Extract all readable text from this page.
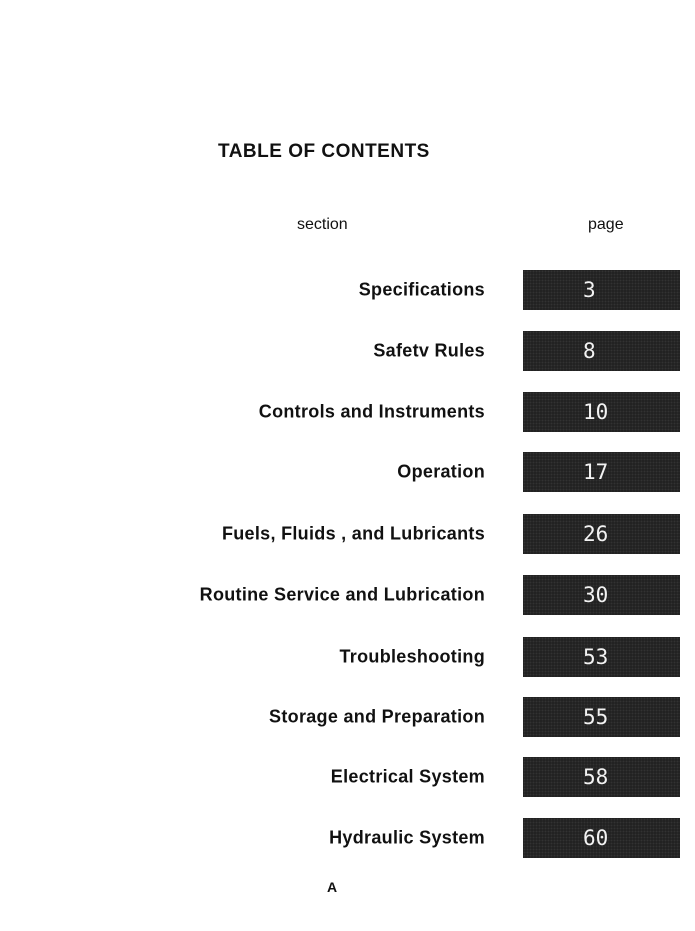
TABLE OF CONTENTS
section	page
Specifications	3
Safetv Rules	8
Controls and Instruments	10
Operation	17
Fuels, Fluids , and Lubricants	26
Routine Service and Lubrication	30
Troubleshooting	53
Storage and Preparation	55
Electrical System	58
Hydraulic System	60
A
